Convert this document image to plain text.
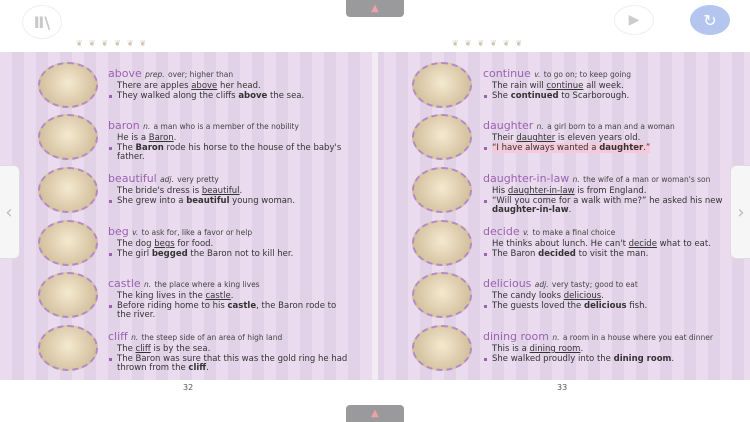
Ⅱ\
▲
▶	↻
❦❦❦❦❦❦	❦❦❦❦❦❦
above prep. over; higher than
There are apples above her head.
They walked along the cliffs above the sea.
baron n. a man who is a member of the nobility
He is a Baron.
The Baron rode his horse to the house of the baby's father.
beautiful adj. very pretty
The bride's dress is beautiful.
She grew into a beautiful young woman.
beg v. to ask for, like a favor or help
The dog begs for food.
The girl begged the Baron not to kill her.
castle n. the place where a king lives
The king lives in the castle.
Before riding home to his castle, the Baron rode to the river.
cliff n. the steep side of an area of high land
The cliff is by the sea.
The Baron was sure that this was the gold ring he had thrown from the cliff.
continue v. to go on; to keep going
The rain will continue all week.
She continued to Scarborough.
daughter n. a girl born to a man and a woman
Their daughter is eleven years old.
“I have always wanted a daughter.”
daughter-in-law n. the wife of a man or woman's son
His daughter-in-law is from England.
“Will you come for a walk with me?” he asked his new daughter-in-law.
decide v. to make a final choice
He thinks about lunch. He can't decide what to eat.
The Baron decided to visit the man.
delicious adj. very tasty; good to eat
The candy looks delicious.
The guests loved the delicious fish.
dining room n. a room in a house where you eat dinner
This is a dining room.
She walked proudly into the dining room.
‹	›
32	33
▲
